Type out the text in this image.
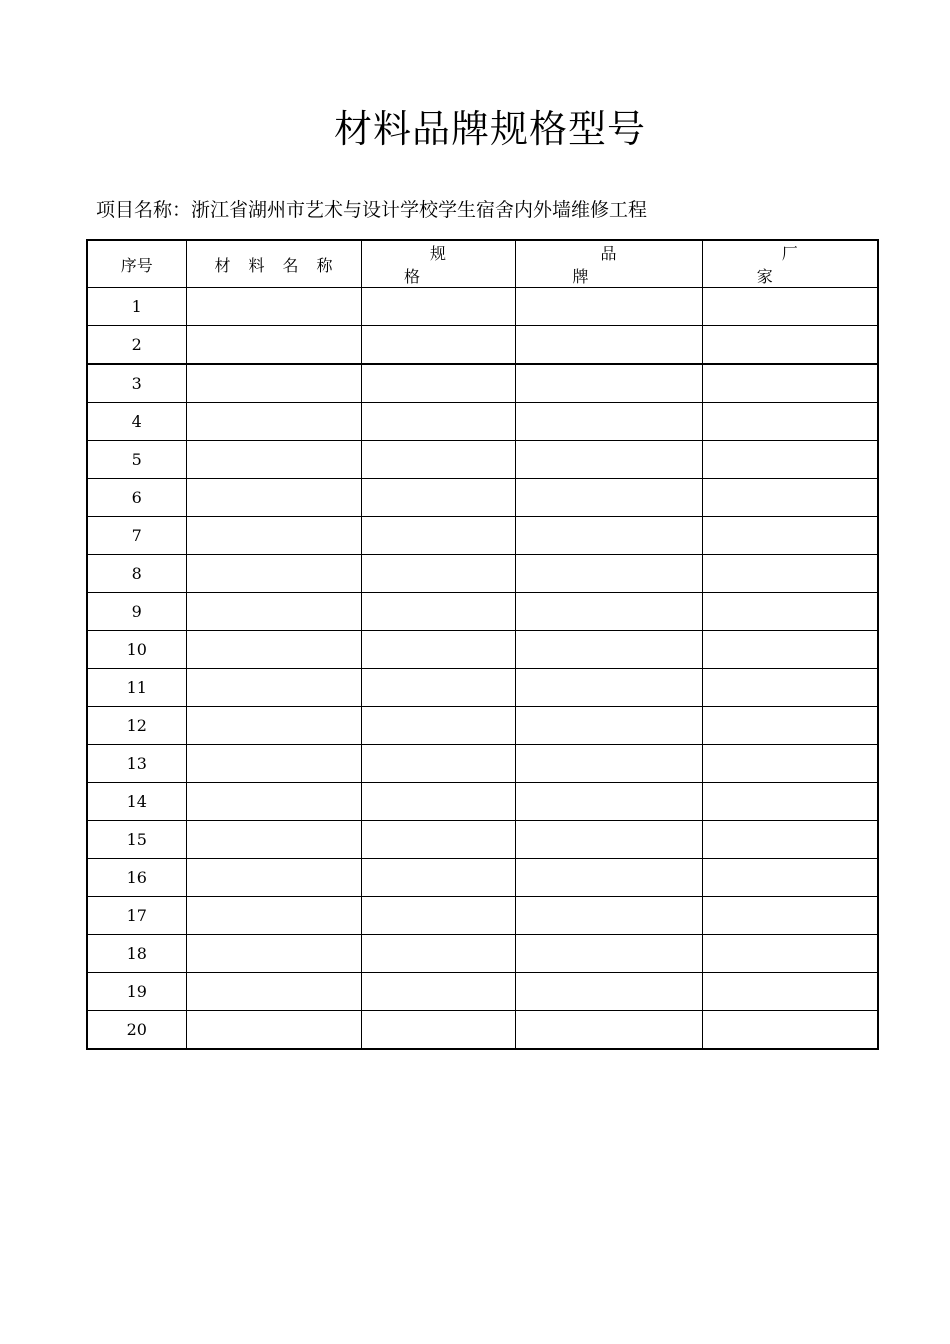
材料品牌规格型号
项目名称：浙江省湖州市艺术与设计学校学生宿舍内外墙维修工程
序号	材料名称	规格	品牌	厂家
1				
2				
3				
4				
5				
6				
7				
8				
9				
10				
11				
12				
13				
14				
15				
16				
17				
18				
19				
20				
